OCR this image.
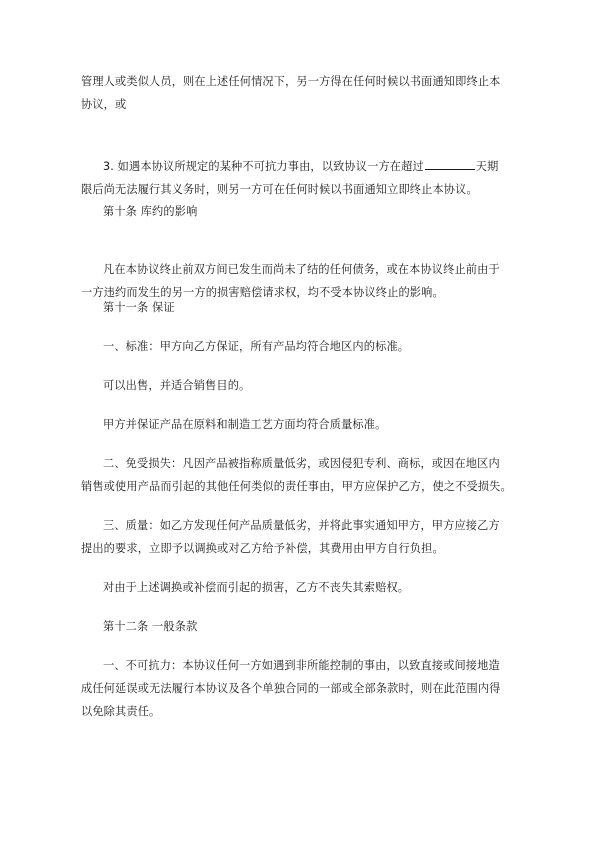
管理人或类似人员，则在上述任何情况下，另一方得在任何时候以书面通知即终止本
协议，或
3. 如遇本协议所规定的某种不可抗力事由，以致协议一方在超过	天期
限后尚无法履行其义务时，则另一方可在任何时候以书面通知立即终止本协议。
第十条 库约的影响
凡在本协议终止前双方间已发生而尚未了结的任何债务，或在本协议终止前由于
一方违约而发生的另一方的损害赔偿请求权，均不受本协议终止的影响。
第十一条 保证
一、标准：甲方向乙方保证，所有产品均符合地区内的标准。
可以出售，并适合销售目的。
甲方并保证产品在原料和制造工艺方面均符合质量标准。
二、免受损失：凡因产品被指称质量低劣，或因侵犯专利、商标，或因在地区内
销售或使用产品而引起的其他任何类似的责任事由，甲方应保护乙方，使之不受损失。
三、质量：如乙方发现任何产品质量低劣，并将此事实通知甲方，甲方应接乙方
提出的要求，立即予以调换或对乙方给予补偿，其费用由甲方自行负担。
对由于上述调换或补偿而引起的损害，乙方不丧失其索赔权。
第十二条 一般条款
一、不可抗力：本协议任何一方如遇到非所能控制的事由，以致直接或间接地造
成任何延误或无法履行本协议及各个单独合同的一部或全部条款时，则在此范围内得
以免除其责任。
